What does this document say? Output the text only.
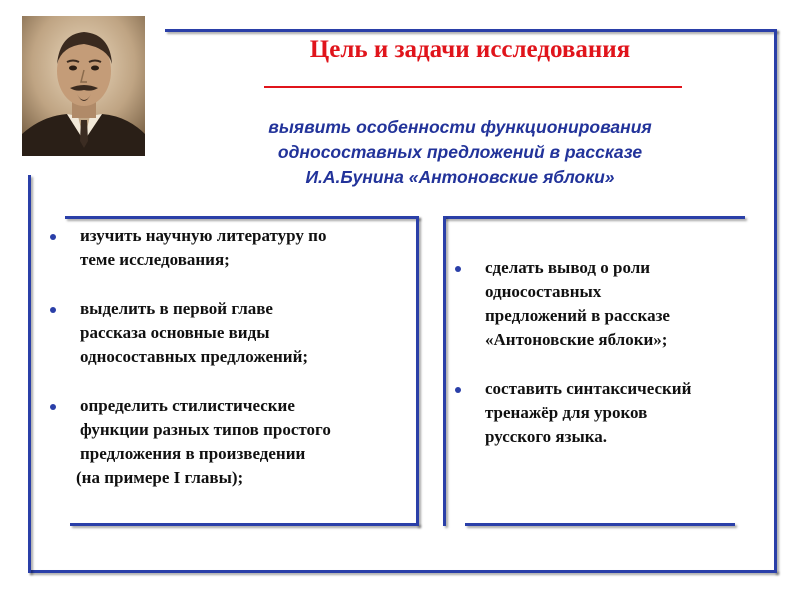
Цель и задачи исследования
выявить особенности функционирования
односоставных предложений в рассказе
И.А.Бунина «Антоновские яблоки»
изучить научную литературу по
теме исследования;
выделить в первой главе
рассказа основные виды
односоставных предложений;
определить стилистические
функции разных типов простого
предложения в произведении
(на примере I главы);
сделать вывод о роли
односоставных
предложений в рассказе
«Антоновские яблоки»;
составить синтаксический
тренажёр для уроков
русского языка.
